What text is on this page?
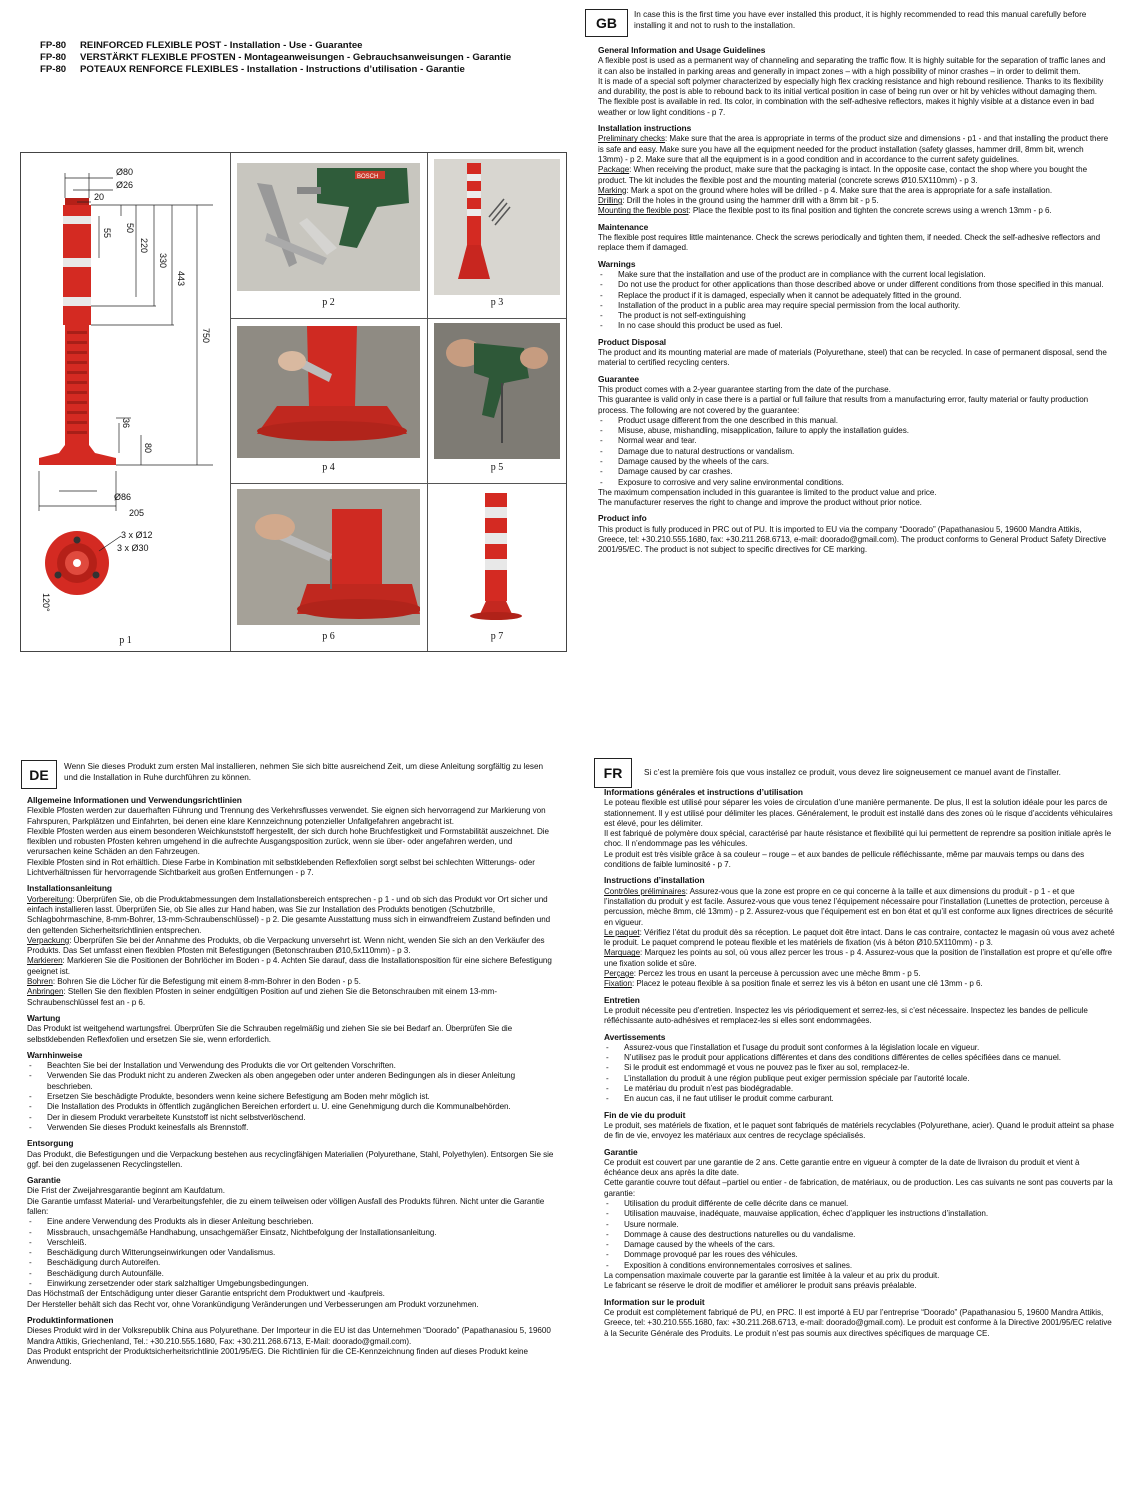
FP-80 REINFORCED FLEXIBLE POST - Installation - Use - Guarantee
FP-80 VERSTÄRKT FLEXIBLE PFOSTEN - Montageanweisungen - Gebrauchsanweisungen - Garantie
FP-80 POTEAUX RENFORCE FLEXIBLES - Installation - Instructions d’utilisation - Garantie
Ø80
Ø26
20
50
55
220
330
443
750
36
80
Ø86
205
3 x Ø12
3 x Ø30
120°
BOSCH
p 2	p 3
p 4	p 5
p 6	p 7
p 1
GB
In case this is the first time you have ever installed this product, it is highly recommended to read this manual carefully before installing it and not to rush to the installation.
General Information and Usage Guidelines

A flexible post is used as a permanent way of channeling and separating the traffic flow. It is highly suitable for the separation of traffic lanes and it can also be installed in parking areas and generally in impact zones – with a high possibility of minor crashes – in order to delimit them.

It is made of a special soft polymer characterized by especially high flex cracking resistance and high rebound resilience. Thanks to its flexibility and durability, the post is able to rebound back to its initial vertical position in case of being run over or hit by vehicles without damaging them.

The flexible post is available in red. Its color, in combination with the self-adhesive reflectors, makes it highly visible at a distance even in bad weather or low light conditions - p 7.

Installation instructions

Preliminary checks: Make sure that the area is appropriate in terms of the product size and dimensions - p1 - and that installing the product there is safe and easy. Make sure you have all the equipment needed for the product installation (safety glasses, hammer drill, 8mm bit, wrench 13mm) - p 2. Make sure that all the equipment is in a good condition and in accordance to the current safety guidelines.

Package: When receiving the product, make sure that the packaging is intact. In the opposite case, contact the shop where you bought the product. The kit includes the flexible post and the mounting material (concrete screws Ø10.5X110mm) - p 3.

Marking: Mark a spot on the ground where holes will be drilled - p 4. Make sure that the area is appropriate for a safe installation.

Drilling: Drill the holes in the ground using the hammer drill with a 8mm bit - p 5.

Mounting the flexible post: Place the flexible post to its final position and tighten the concrete screws using a wrench 13mm - p 6.

Maintenance

The flexible post requires little maintenance. Check the screws periodically and tighten them, if needed. Check the self-adhesive reflectors and replace them if damaged.

Warnings
- Make sure that the installation and use of the product are in compliance with the current local legislation.
- Do not use the product for other applications than those described above or under different conditions from those specified in this manual.
- Replace the product if it is damaged, especially when it cannot be adequately fitted in the ground.
- Installation of the product in a public area may require special permission from the local authority.
- The product is not self-extinguishing
- In no case should this product be used as fuel.
Product Disposal

The product and its mounting material are made of materials (Polyurethane, steel) that can be recycled. In case of permanent disposal, send the material to certified recycling centers.

Guarantee

This product comes with a 2-year guarantee starting from the date of the purchase.

This guarantee is valid only in case there is a partial or full failure that results from a manufacturing error, faulty material or faulty production process. The following are not covered by the guarantee:

- Product usage different from the one described in this manual.
- Misuse, abuse, mishandling, misapplication, failure to apply the installation guides.
- Normal wear and tear.
- Damage due to natural destructions or vandalism.
- Damage caused by the wheels of the cars.
- Damage caused by car crashes.
- Exposure to corrosive and very saline environmental conditions.

The maximum compensation included in this guarantee is limited to the product value and price.

The manufacturer reserves the right to change and improve the product without prior notice.

Product info

This product is fully produced in PRC out of PU. It is imported to EU via the company “Doorado” (Papathanasiou 5, 19600 Mandra Attikis, Greece, tel: +30.210.555.1680, fax: +30.211.268.6713, e-mail: doorado@gmail.com). The product conforms to General Product Safety Directive 2001/95/EC. The product is not subject to specific directives for CE marking.

DE	Wenn Sie dieses Produkt zum ersten Mal installieren, nehmen Sie sich bitte ausreichend Zeit, um diese Anleitung sorgfältig zu lesen und die Installation in Ruhe durchführen zu können.
Allgemeine Informationen und Verwendungsrichtlinien

Flexible Pfosten werden zur dauerhaften Führung und Trennung des Verkehrsflusses verwendet. Sie eignen sich hervorragend zur Markierung von Fahrspuren, Parkplätzen und Einfahrten, bei denen eine klare Kennzeichnung potenzieller Unfallgefahren angebracht ist.

Flexible Pfosten werden aus einem besonderen Weichkunststoff hergestellt, der sich durch hohe Bruchfestigkeit und Formstabilität auszeichnet. Die flexiblen und robusten Pfosten kehren umgehend in die aufrechte Ausgangsposition zurück, wenn sie über- oder angefahren werden, und verursachen keine Schäden an den Fahrzeugen.

Flexible Pfosten sind in Rot erhältlich. Diese Farbe in Kombination mit selbstklebenden Reflexfolien sorgt selbst bei schlechten Witterungs- oder Lichtverhältnissen für hervorragende Sichtbarkeit aus großen Entfernungen - p 7.

Installationsanleitung

Vorbereitung: Überprüfen Sie, ob die Produktabmessungen dem Installationsbereich entsprechen - p 1 - und ob sich das Produkt vor Ort sicher und einfach installieren lasst. Überprüfen Sie, ob Sie alles zur Hand haben, was Sie zur Installation des Produkts benotigen (Schutzbrille, Schlagbohrmaschine, 8-mm-Bohrer, 13-mm-Schraubenschlüssel) - p 2. Die gesamte Ausstattung muss sich in einwandfreiem Zustand befinden und den geltenden Sicherheitsrichtlinien entsprechen.

Verpackung: Überprüfen Sie bei der Annahme des Produkts, ob die Verpackung unversehrt ist. Wenn nicht, wenden Sie sich an den Verkäufer des Produkts. Das Set umfasst einen flexiblen Pfosten mit Befestigungen (Betonschrauben Ø10,5x110mm) - p 3.

Markieren: Markieren Sie die Positionen der Bohrlöcher im Boden - p 4. Achten Sie darauf, dass die Installationsposition für eine sichere Befestigung geeignet ist.

Bohren: Bohren Sie die Löcher für die Befestigung mit einem 8-mm-Bohrer in den Boden - p 5.

Anbringen: Stellen Sie den flexiblen Pfosten in seiner endgültigen Position auf und ziehen Sie die Betonschrauben mit einem 13-mm-Schraubenschlüssel fest an - p 6.

Wartung

Das Produkt ist weitgehend wartungsfrei. Überprüfen Sie die Schrauben regelmäßig und ziehen Sie sie bei Bedarf an. Überprüfen Sie die selbstklebenden Reflexfolien und ersetzen Sie sie, wenn erforderlich.

Warnhinweise
- Beachten Sie bei der Installation und Verwendung des Produkts die vor Ort geltenden Vorschriften.
- Verwenden Sie das Produkt nicht zu anderen Zwecken als oben angegeben oder unter anderen Bedingungen als in dieser Anleitung beschrieben.
- Ersetzen Sie beschädigte Produkte, besonders wenn keine sichere Befestigung am Boden mehr möglich ist.
- Die Installation des Produkts in öffentlich zugänglichen Bereichen erfordert u. U. eine Genehmigung durch die Kommunalbehörden.
- Der in diesem Produkt verarbeitete Kunststoff ist nicht selbstverlöschend.
- Verwenden Sie dieses Produkt keinesfalls als Brennstoff.
Entsorgung

Das Produkt, die Befestigungen und die Verpackung bestehen aus recyclingfähigen Materialien (Polyurethane, Stahl, Polyethylen). Entsorgen Sie sie ggf. bei den zugelassenen Recyclingstellen.

Garantie

Die Frist der Zweijahresgarantie beginnt am Kaufdatum.

Die Garantie umfasst Material- und Verarbeitungsfehler, die zu einem teilweisen oder völligen Ausfall des Produkts führen. Nicht unter die Garantie fallen:

- Eine andere Verwendung des Produkts als in dieser Anleitung beschrieben.
- Missbrauch, unsachgemäße Handhabung, unsachgemäßer Einsatz, Nichtbefolgung der Installationsanleitung.
- Verschleiß.
- Beschädigung durch Witterungseinwirkungen oder Vandalismus.
- Beschädigung durch Autoreifen.
- Beschädigung durch Autounfälle.
- Einwirkung zersetzender oder stark salzhaltiger Umgebungsbedingungen.

Das Höchstmaß der Entschädigung unter dieser Garantie entspricht dem Produktwert und -kaufpreis.

Der Hersteller behält sich das Recht vor, ohne Vorankündigung Veränderungen und Verbesserungen am Produkt vorzunehmen.

Produktinformationen

Dieses Produkt wird in der Volksrepublik China aus Polyurethane. Der Importeur in die EU ist das Unternehmen “Doorado” (Papathanasiou 5, 19600 Mandra Attikis, Griechenland, Tel.: +30.210.555.1680, Fax: +30.211.268.6713, E-Mail: doorado@gmail.com).

Das Produkt entspricht der Produktsicherheitsrichtlinie 2001/95/EG. Die Richtlinien für die CE-Kennzeichnung finden auf dieses Produkt keine Anwendung.

FR	Si c’est la première fois que vous installez ce produit, vous devez lire soigneusement ce manuel avant de l’installer.
Informations générales et instructions d’utilisation

Le poteau flexible est utilisé pour séparer les voies de circulation d’une manière permanente. De plus, Il est la solution idéale pour les parcs de stationnement. Il y est utilisé pour délimiter les places. Généralement, le produit est installé dans des zones où le risque d’accidents véhiculaires est élevé, pour les délimiter.

Il est fabriqué de polymère doux spécial, caractérisé par haute résistance et flexibilité qui lui permettent de reprendre sa position initiale après le choc. Il n’endommage pas les véhicules.

Le produit est très visible grâce à sa couleur – rouge – et aux bandes de pellicule réfléchissante, même par mauvais temps ou dans des conditions de faible luminosité - p 7.

Instructions d’installation

Contrôles préliminaires: Assurez-vous que la zone est propre en ce qui concerne à la taille et aux dimensions du produit - p 1 - et que l’installation du produit y est facile. Assurez-vous que vous tenez l’équipement nécessaire pour l’installation (Lunettes de protection, perceuse à percussion, mèche 8mm, clé 13mm) - p 2. Assurez-vous que l’équipement est en bon état et qu’il est conforme aux lignes directrices de sécurité en vigueur.

Le paquet: Vérifiez l’état du produit dès sa réception. Le paquet doit être intact. Dans le cas contraire, contactez le magasin où vous avez acheté le produit. Le paquet comprend le poteau flexible et les matériels de fixation (vis à béton Ø10.5X110mm) - p 3.

Marquage: Marquez les points au sol, où vous allez percer les trous - p 4. Assurez-vous que la position de l’installation est propre et qu’elle offre une fixation solide et sûre.

Perçage: Percez les trous en usant la perceuse à percussion avec une mèche 8mm - p 5.

Fixation: Placez le poteau flexible à sa position finale et serrez les vis à béton en usant une clé 13mm - p 6.

Entretien

Le produit nécessite peu d’entretien. Inspectez les vis périodiquement et serrez-les, si c’est nécessaire. Inspectez les bandes de pellicule réfléchissante auto-adhésives et remplacez-les si elles sont endommagées.

Avertissements
- Assurez-vous que l’installation et l’usage du produit sont conformes à la législation locale en vigueur.
- N’utilisez pas le produit pour applications différentes et dans des conditions différentes de celles spécifiées dans ce manuel.
- Si le produit est endommagé et vous ne pouvez pas le fixer au sol, remplacez-le.
- L’installation du produit à une région publique peut exiger permission spéciale par l’autorité locale.
- Le matériau du produit n’est pas biodégradable.
- En aucun cas, il ne faut utiliser le produit comme carburant.
Fin de vie du produit

Le produit, ses matériels de fixation, et le paquet sont fabriqués de matériels recyclables (Polyurethane, acier). Quand le produit atteint sa phase de fin de vie, envoyez les matériaux aux centres de recyclage spécialisés.

Garantie

Ce produit est couvert par une garantie de 2 ans. Cette garantie entre en vigueur à compter de la date de livraison du produit et vient à échéance deux ans après la dite date.

Cette garantie couvre tout défaut –partiel ou entier - de fabrication, de matériaux, ou de production. Les cas suivants ne sont pas couverts par la garantie:

- Utilisation du produit différente de celle décrite dans ce manuel.
- Utilisation mauvaise, inadéquate, mauvaise application, échec d’appliquer les instructions d’installation.
- Usure normale.
- Dommage à cause des destructions naturelles ou du vandalisme.
- Damage caused by the wheels of the cars.
- Dommage provoqué par les roues des véhicules.
- Exposition à conditions environnementales corrosives et salines.

La compensation maximale couverte par la garantie est limitée à la valeur et au prix du produit.

Le fabricant se réserve le droit de modifier et améliorer le produit sans préavis préalable.

Information sur le produit

Ce produit est complètement fabriqué de PU, en PRC. Il est importé à EU par l’entreprise “Doorado” (Papathanasiou 5, 19600 Mandra Attikis, Greece, tel: +30.210.555.1680, fax: +30.211.268.6713, e-mail: doorado@gmail.com). Le produit est conforme à la Directive 2001/95/EC relative à la Securite Générale des Produits. Le produit n’est pas soumis aux directives spécifiques de marquage CE.
